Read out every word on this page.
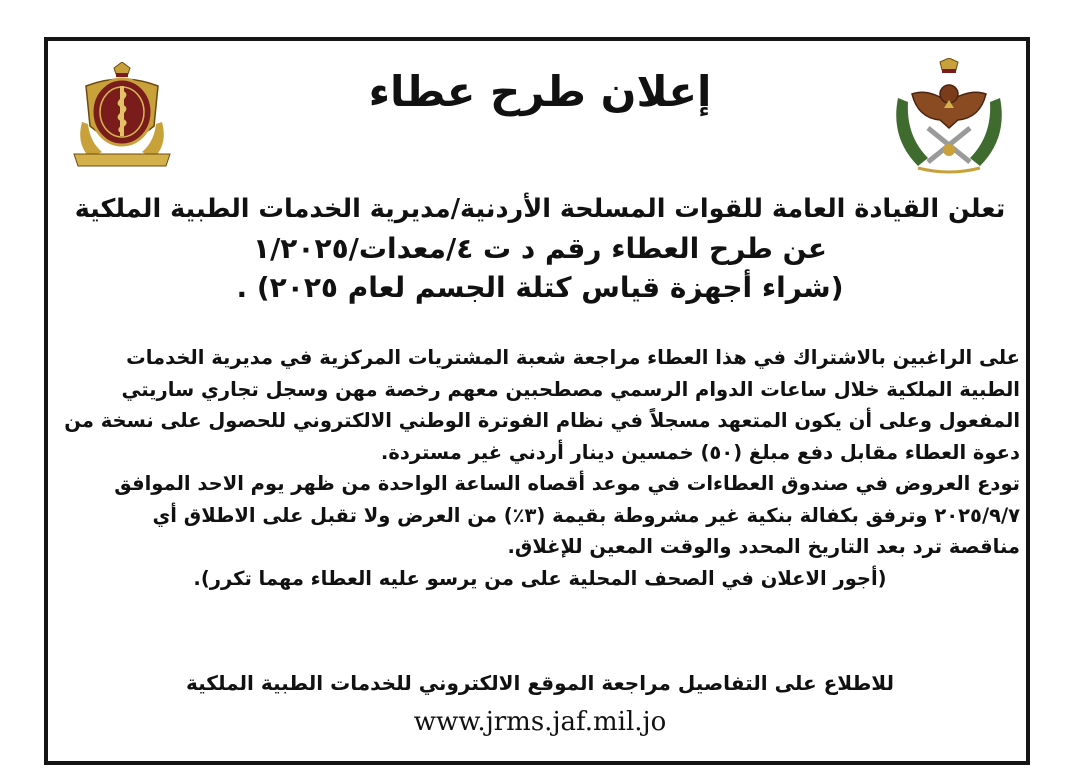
إعلان طرح عطاء
تعلن القيادة العامة للقوات المسلحة الأردنية/مديرية الخدمات الطبية الملكية
عن طرح العطاء رقم د ت ٤/معدات/١/٢٠٢٥
(شراء أجهزة قياس كتلة الجسم لعام ٢٠٢٥) .
على الراغبين بالاشتراك في هذا العطاء مراجعة شعبة المشتريات المركزية في مديرية الخدمات
الطبية الملكية خلال ساعات الدوام الرسمي مصطحبين معهم رخصة مهن وسجل تجاري ساريتي
المفعول وعلى أن يكون المتعهد مسجلاً في نظام الفوترة الوطني الالكتروني للحصول على نسخة من
دعوة العطاء مقابل دفع مبلغ (٥٠) خمسين دينار أردني غير مستردة.
تودع العروض في صندوق العطاءات في موعد أقصاه الساعة الواحدة من ظهر يوم الاحد الموافق
٢٠٢٥/٩/٧ وترفق بكفالة بنكية غير مشروطة بقيمة (٣٪) من العرض ولا تقبل على الاطلاق أي
مناقصة ترد بعد التاريخ المحدد والوقت المعين للإغلاق.
(أجور الاعلان في الصحف المحلية على من يرسو عليه العطاء مهما تكرر).
للاطلاع على التفاصيل مراجعة الموقع الالكتروني للخدمات الطبية الملكية
www.jrms.jaf.mil.jo
